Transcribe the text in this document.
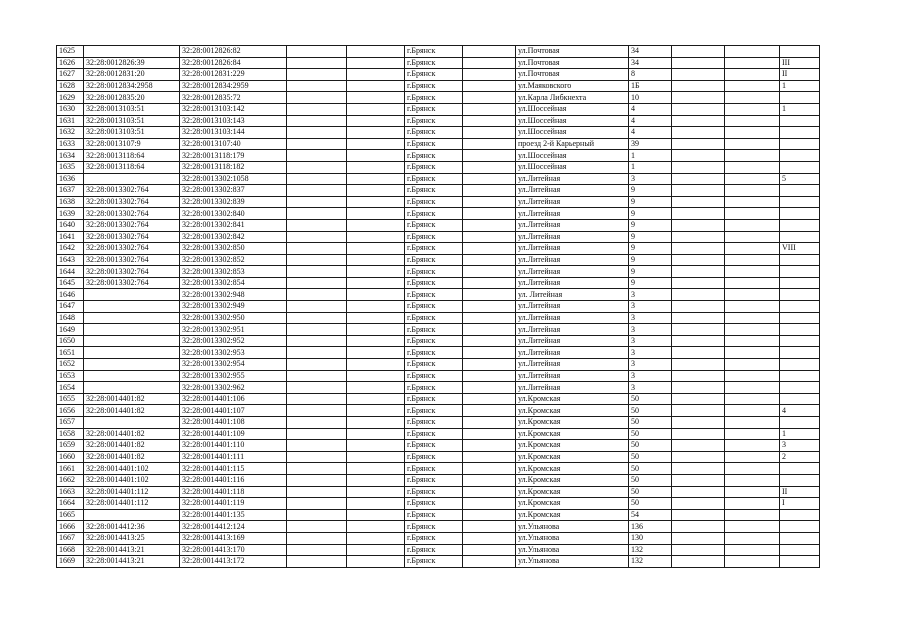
1625		32:28:0012826:82			г.Брянск		ул.Почтовая	34			
1626	32:28:0012826:39	32:28:0012826:84			г.Брянск		ул.Почтовая	34			III
1627	32:28:0012831:20	32:28:0012831:229			г.Брянск		ул.Почтовая	8			II
1628	32:28:0012834:2958	32:28:0012834:2959			г.Брянск		ул.Маяковского	1Б			1
1629	32:28:0012835:20	32:28:0012835:72			г.Брянск		ул.Карла Либкнехта	10			
1630	32:28:0013103:51	32:28:0013103:142			г.Брянск		ул.Шоссейная	4			1
1631	32:28:0013103:51	32:28:0013103:143			г.Брянск		ул.Шоссейная	4			
1632	32:28:0013103:51	32:28:0013103:144			г.Брянск		ул.Шоссейная	4			
1633	32:28:0013107:9	32:28:0013107:40			г.Брянск		проезд 2-й Карьерный	39			
1634	32:28:0013118:64	32:28:0013118:179			г.Брянск		ул.Шоссейная	1			
1635	32:28:0013118:64	32:28:0013118:182			г.Брянск		ул.Шоссейная	1			
1636		32:28:0013302:1058			г.Брянск		ул.Литейная	3			5
1637	32:28:0013302:764	32:28:0013302:837			г.Брянск		ул.Литейная	9			
1638	32:28:0013302:764	32:28:0013302:839			г.Брянск		ул.Литейная	9			
1639	32:28:0013302:764	32:28:0013302:840			г.Брянск		ул.Литейная	9			
1640	32:28:0013302:764	32:28:0013302:841			г.Брянск		ул.Литейная	9			
1641	32:28:0013302:764	32:28:0013302:842			г.Брянск		ул.Литейная	9			
1642	32:28:0013302:764	32:28:0013302:850			г.Брянск		ул.Литейная	9			VIII
1643	32:28:0013302:764	32:28:0013302:852			г.Брянск		ул.Литейная	9			
1644	32:28:0013302:764	32:28:0013302:853			г.Брянск		ул.Литейная	9			
1645	32:28:0013302:764	32:28:0013302:854			г.Брянск		ул.Литейная	9			
1646		32:28:0013302:948			г.Брянск		ул. Литейная	3			
1647		32:28:0013302:949			г.Брянск		ул.Литейная	3			
1648		32:28:0013302:950			г.Брянск		ул.Литейная	3			
1649		32:28:0013302:951			г.Брянск		ул.Литейная	3			
1650		32:28:0013302:952			г.Брянск		ул.Литейная	3			
1651		32:28:0013302:953			г.Брянск		ул.Литейная	3			
1652		32:28:0013302:954			г.Брянск		ул.Литейная	3			
1653		32:28:0013302:955			г.Брянск		ул.Литейная	3			
1654		32:28:0013302:962			г.Брянск		ул.Литейная	3			
1655	32:28:0014401:82	32:28:0014401:106			г.Брянск		ул.Кромская	50			
1656	32:28:0014401:82	32:28:0014401:107			г.Брянск		ул.Кромская	50			4
1657		32:28:0014401:108			г.Брянск		ул.Кромская	50			
1658	32:28:0014401:82	32:28:0014401:109			г.Брянск		ул.Кромская	50			1
1659	32:28:0014401:82	32:28:0014401:110			г.Брянск		ул.Кромская	50			3
1660	32:28:0014401:82	32:28:0014401:111			г.Брянск		ул.Кромская	50			2
1661	32:28:0014401:102	32:28:0014401:115			г.Брянск		ул.Кромская	50			
1662	32:28:0014401:102	32:28:0014401:116			г.Брянск		ул.Кромская	50			
1663	32:28:0014401:112	32:28:0014401:118			г.Брянск		ул.Кромская	50			II
1664	32:28:0014401:112	32:28:0014401:119			г.Брянск		ул.Кромская	50			I
1665		32:28:0014401:135			г.Брянск		ул.Кромская	54			
1666	32:28:0014412:36	32:28:0014412:124			г.Брянск		ул.Ульянова	136			
1667	32:28:0014413:25	32:28:0014413:169			г.Брянск		ул.Ульянова	130			
1668	32:28:0014413:21	32:28:0014413:170			г.Брянск		ул.Ульянова	132			
1669	32:28:0014413:21	32:28:0014413:172			г.Брянск		ул.Ульянова	132			
